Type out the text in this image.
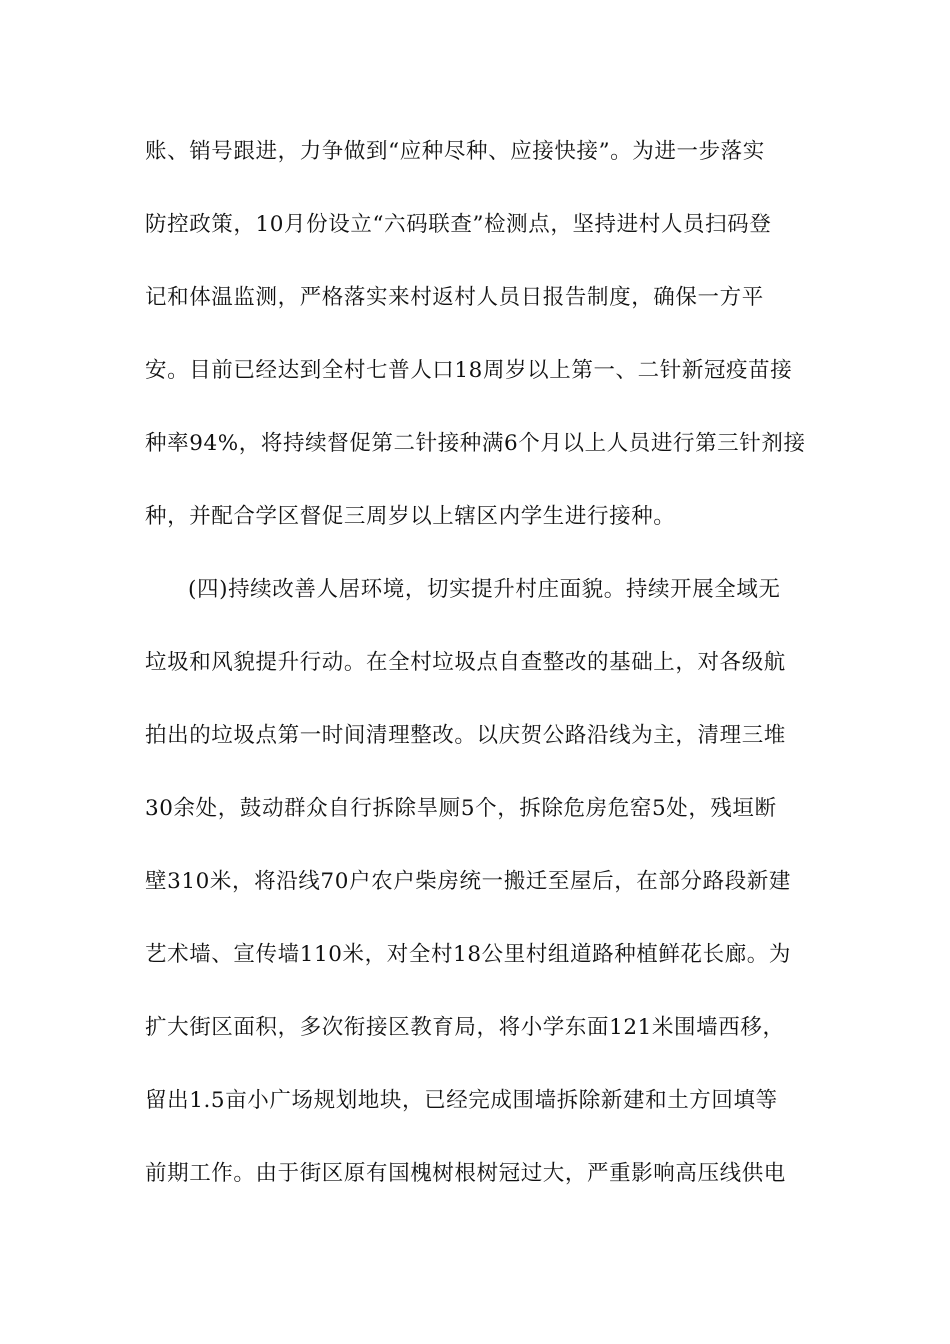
账、销号跟进，力争做到“应种尽种、应接快接”。为进一步落实
防控政策，10月份设立“六码联查”检测点，坚持进村人员扫码登
记和体温监测，严格落实来村返村人员日报告制度，确保一方平
安。目前已经达到全村七普人口18周岁以上第一、二针新冠疫苗接
种率94%，将持续督促第二针接种满6个月以上人员进行第三针剂接
种，并配合学区督促三周岁以上辖区内学生进行接种。
(四)持续改善人居环境，切实提升村庄面貌。持续开展全域无
垃圾和风貌提升行动。在全村垃圾点自查整改的基础上，对各级航
拍出的垃圾点第一时间清理整改。以庆贺公路沿线为主，清理三堆
30余处，鼓动群众自行拆除旱厕5个，拆除危房危窑5处，残垣断
壁310米，将沿线70户农户柴房统一搬迁至屋后，在部分路段新建
艺术墙、宣传墙110米，对全村18公里村组道路种植鲜花长廊。为
扩大街区面积，多次衔接区教育局，将小学东面121米围墙西移，
留出1.5亩小广场规划地块，已经完成围墙拆除新建和土方回填等
前期工作。由于街区原有国槐树根树冠过大，严重影响高压线供电
